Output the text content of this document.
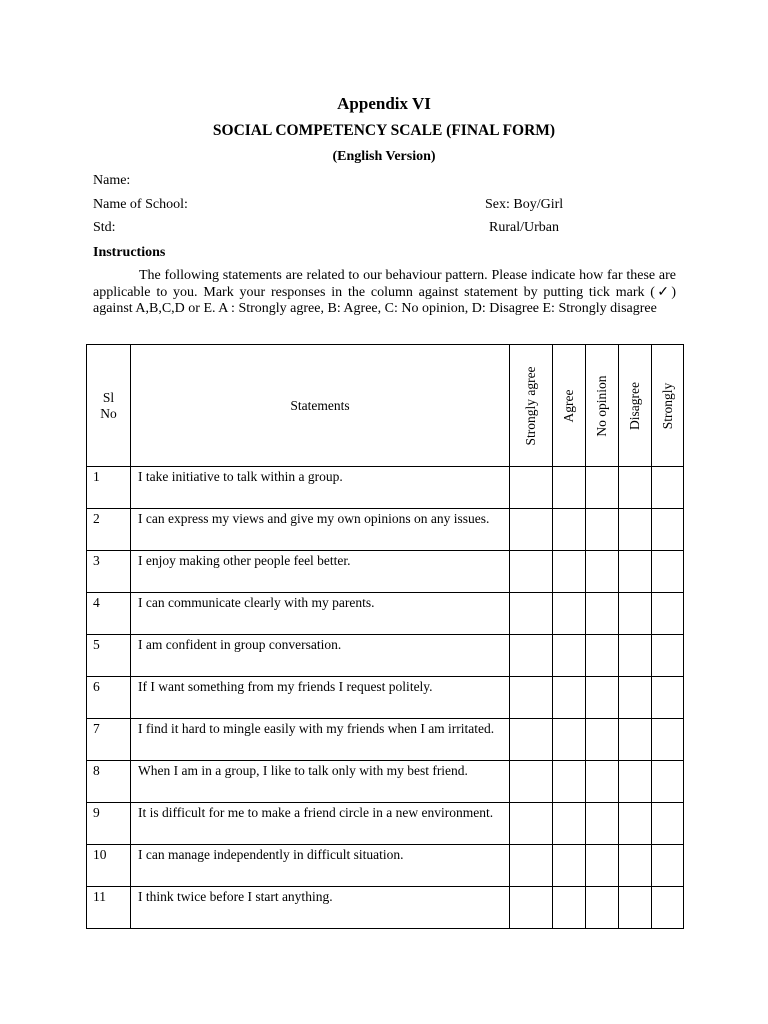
Appendix VI
SOCIAL COMPETENCY SCALE (FINAL FORM)
(English Version)
Name:
Name of School:	Sex: Boy/Girl
Std:	Rural/Urban
Instructions
The following statements are related to our behaviour pattern. Please indicate how far these are applicable to you. Mark your responses in the column against statement by putting tick mark (✓) against A,B,C,D or E. A : Strongly agree, B: Agree, C: No opinion, D: Disagree E: Strongly disagree
Sl
No	Statements	Strongly agree	Agree	No opinion	Disagree	Strongly

1	I take initiative to talk within a group.					
2	I can express my views and give my own opinions on any issues.					
3	I enjoy making other people feel better.					
4	I can communicate clearly with my parents.					
5	I am confident in group conversation.					
6	If I want something from my friends I request politely.					
7	I find it hard to mingle easily with my friends when I am irritated.					
8	When I am in a group, I like to talk only with my best friend.					
9	It is difficult for me to make a friend circle in a new environment.					
10	I can manage independently in difficult situation.					
11	I think twice before I start anything.					
